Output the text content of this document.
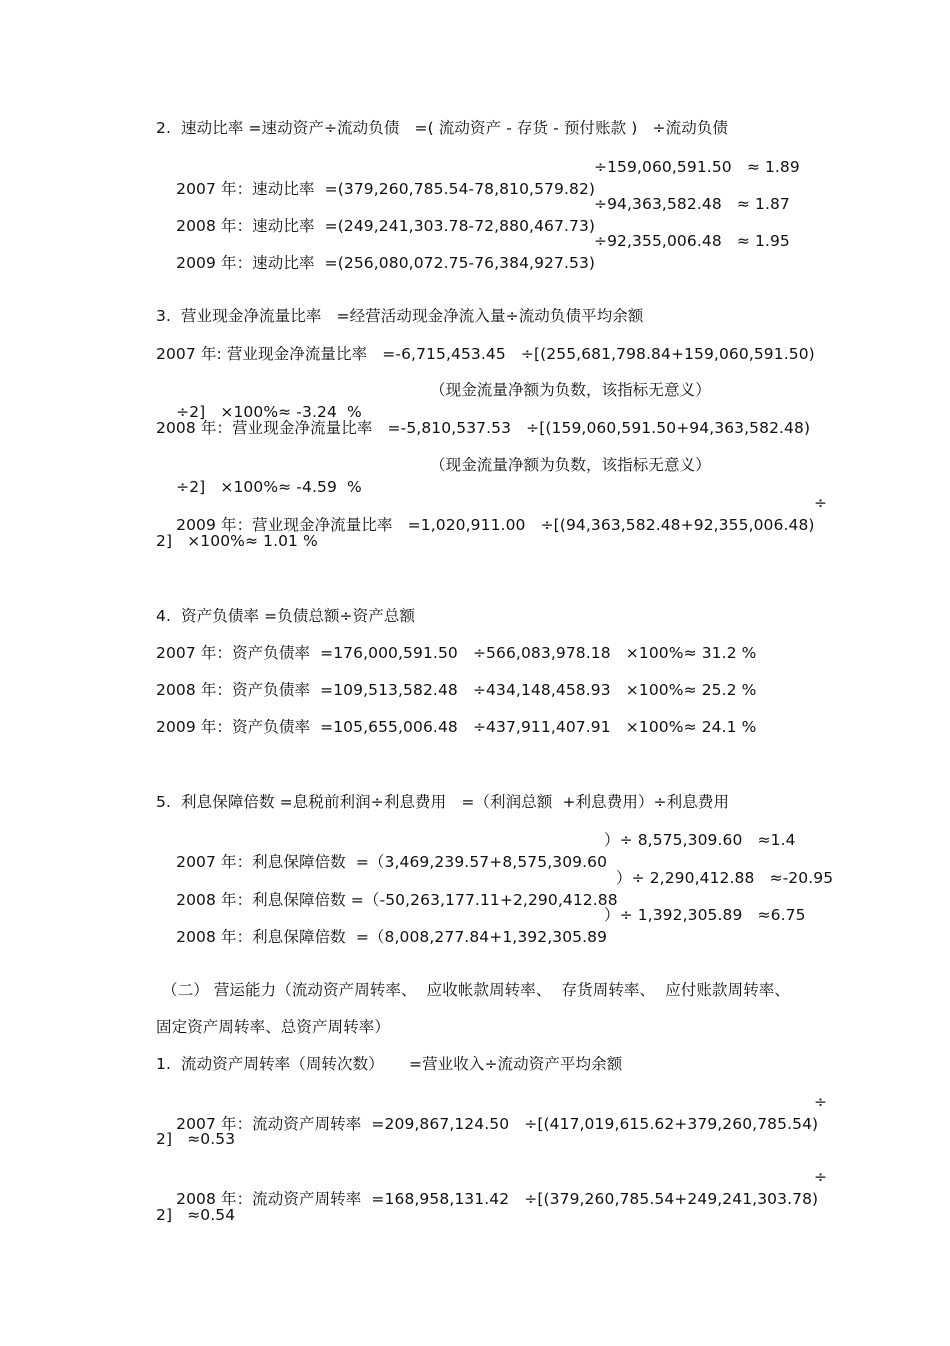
2.  速动比率 =速动资产÷流动负债   =( 流动资产 - 存货 - 预付账款 )   ÷流动负债

2007 年：速动比率  =(379,260,785.54-78,810,579.82)

÷159,060,591.50   ≈ 1.89

2008 年：速动比率  =(249,241,303.78-72,880,467.73)

÷94,363,582.48   ≈ 1.87

2009 年：速动比率  =(256,080,072.75-76,384,927.53)

÷92,355,006.48   ≈ 1.95

3.  营业现金净流量比率   =经营活动现金净流入量÷流动负债平均余额
2007 年: 营业现金净流量比率   =-6,715,453.45   ÷[(255,681,798.84+159,060,591.50)

÷2]   ×100%≈ -3.24  %

（现金流量净额为负数，该指标无意义）

2008 年：营业现金净流量比率   =-5,810,537.53   ÷[(159,060,591.50+94,363,582.48)

÷2]   ×100%≈ -4.59  %

（现金流量净额为负数，该指标无意义）

2009 年：营业现金净流量比率   =1,020,911.00   ÷[(94,363,582.48+92,355,006.48)

÷

2]   ×100%≈ 1.01 %
4.  资产负债率 =负债总额÷资产总额
2007 年：资产负债率  =176,000,591.50   ÷566,083,978.18   ×100%≈ 31.2 %
2008 年：资产负债率  =109,513,582.48   ÷434,148,458.93   ×100%≈ 25.2 %
2009 年：资产负债率  =105,655,006.48   ÷437,911,407.91   ×100%≈ 24.1 %
5.  利息保障倍数 =息税前利润÷利息费用   =（利润总额  +利息费用）÷利息费用

2007 年：利息保障倍数  =（3,469,239.57+8,575,309.60

）÷ 8,575,309.60   ≈1.4

2008 年：利息保障倍数 =（-50,263,177.11+2,290,412.88

）÷ 2,290,412.88   ≈-20.95

2008 年：利息保障倍数  =（8,008,277.84+1,392,305.89

）÷ 1,392,305.89   ≈6.75

（二） 营运能力（流动资产周转率、  应收帐款周转率、  存货周转率、  应付账款周转率、
固定资产周转率、总资产周转率）
1.  流动资产周转率（周转次数）     =营业收入÷流动资产平均余额

2007 年：流动资产周转率  =209,867,124.50   ÷[(417,019,615.62+379,260,785.54)

÷

2]   ≈0.53

2008 年：流动资产周转率  =168,958,131.42   ÷[(379,260,785.54+249,241,303.78)

÷

2]   ≈0.54
